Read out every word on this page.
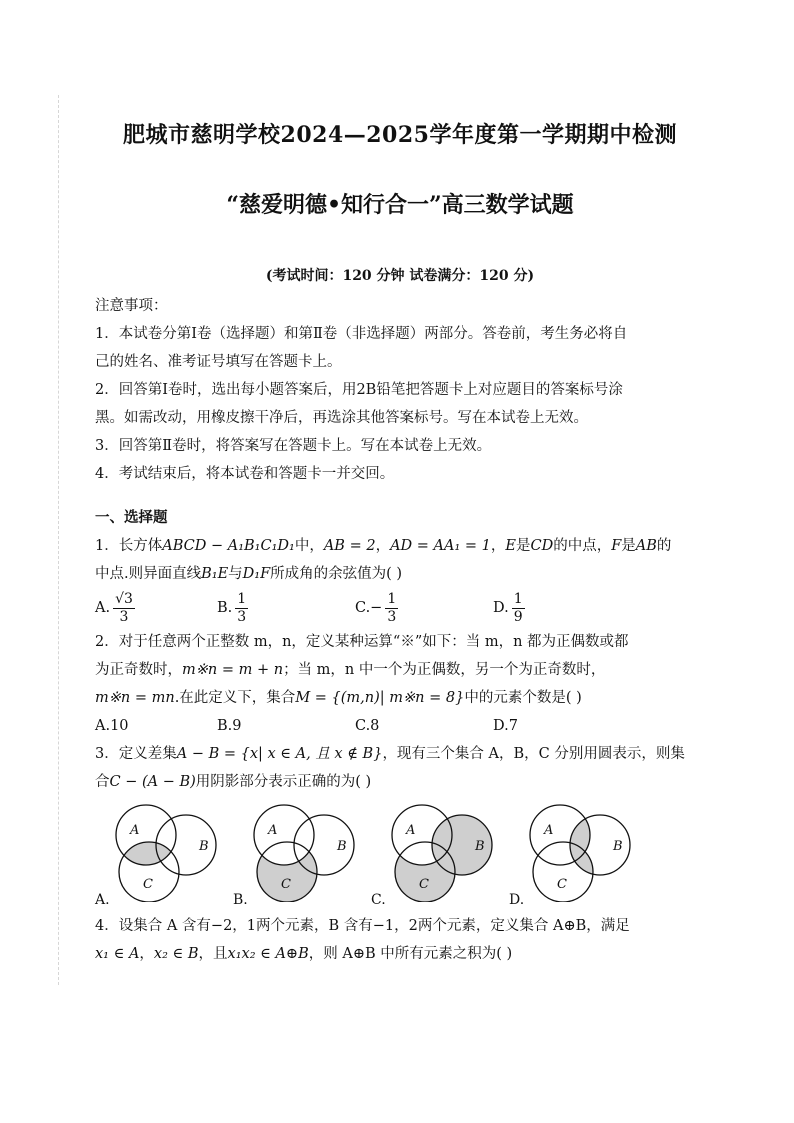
肥城市慈明学校2024—2025学年度第一学期期中检测
“慈爱明德•知行合一”高三数学试题
(考试时间：120 分钟 试卷满分：120 分)
注意事项：
1．本试卷分第Ⅰ卷（选择题）和第Ⅱ卷（非选择题）两部分。答卷前，考生务必将自
己的姓名、准考证号填写在答题卡上。
2．回答第Ⅰ卷时，选出每小题答案后，用2B铅笔把答题卡上对应题目的答案标号涂
黑。如需改动，用橡皮擦干净后，再选涂其他答案标号。写在本试卷上无效。
3．回答第Ⅱ卷时，将答案写在答题卡上。写在本试卷上无效。
4．考试结束后，将本试卷和答题卡一并交回。
一、选择题
1．长方体ABCD − A₁B₁C₁D₁中，AB = 2，AD = AA₁ = 1，E是CD的中点，F是AB的
中点.则异面直线B₁E与D₁F所成角的余弦值为( )
A. $\frac{√3}{3}$	B. $\frac{1}{3}$	$C.- \frac{1}{3}$	D. $\frac{1}{9}$
2．对于任意两个正整数 m，n，定义某种运算“※”如下：当 m，n 都为正偶数或都
为正奇数时，m※n = m + n；当 m，n 中一个为正偶数，另一个为正奇数时，
m※n = mn.在此定义下，集合M = {(m,n)| m※n = 8}中的元素个数是( )
A.10	B.9	C.8	D.7
3．定义差集A − B = {x| x ∈ A, 且 x ∉ B}，现有三个集合 A，B，C 分别用圆表示，则集
合C − (A − B)用阴影部分表示正确的为( )
A
B
C
A
B
C
A
B
C
A
B
C
A.	B.	C.	D.
4．设集合 A 含有−2，1两个元素，B 含有−1，2两个元素，定义集合 A⊕B，满足
x₁ ∈ A，x₂ ∈ B，且x₁x₂ ∈ A⊕B，则 A⊕B 中所有元素之积为( )
